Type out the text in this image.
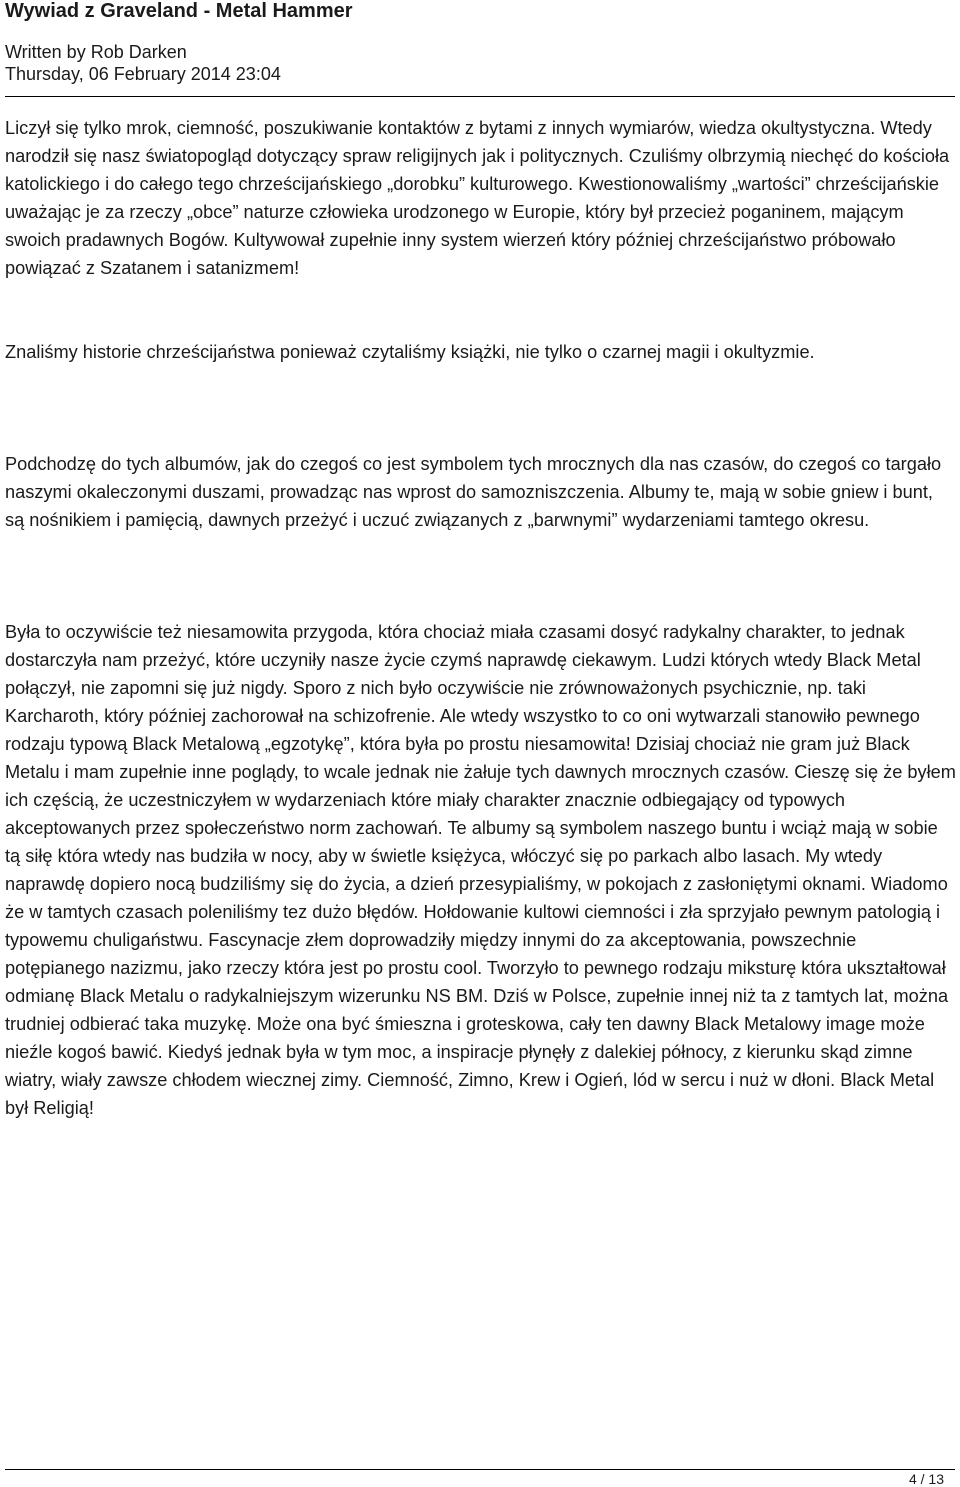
Wywiad z Graveland - Metal Hammer
Written by Rob Darken
Thursday, 06 February 2014 23:04

Liczył się tylko mrok, ciemność, poszukiwanie kontaktów z bytami z innych wymiarów, wiedza okultystyczna. Wtedy narodził się nasz światopogląd dotyczący spraw religijnych jak i politycznych. Czuliśmy olbrzymią niechęć do kościoła katolickiego i do całego tego chrześcijańskiego „dorobku” kulturowego. Kwestionowaliśmy „wartości” chrześcijańskie uważając je za rzeczy „obce” naturze człowieka urodzonego w Europie, który był przecież poganinem, mającym swoich pradawnych Bogów. Kultywował zupełnie inny system wierzeń który później chrześcijaństwo próbowało powiązać z Szatanem i satanizmem!

Znaliśmy historie chrześcijaństwa ponieważ czytaliśmy książki, nie tylko o czarnej magii i okultyzmie.

Podchodzę do tych albumów, jak do czegoś co jest symbolem tych mrocznych dla nas czasów, do czegoś co targało naszymi okaleczonymi duszami, prowadząc nas wprost do samozniszczenia. Albumy te, mają w sobie gniew i bunt, są nośnikiem i pamięcią, dawnych przeżyć i uczuć związanych z „barwnymi” wydarzeniami tamtego okresu.

Była to oczywiście też niesamowita przygoda, która chociaż miała czasami dosyć radykalny charakter, to jednak dostarczyła nam przeżyć, które uczyniły nasze życie czymś naprawdę ciekawym. Ludzi których wtedy Black Metal połączył, nie zapomni się już nigdy. Sporo z nich było oczywiście nie zrównoważonych psychicznie, np. taki Karcharoth, który później zachorował na schizofrenie. Ale wtedy wszystko to co oni wytwarzali stanowiło pewnego rodzaju typową Black Metalową „egzotykę”, która była po prostu niesamowita! Dzisiaj chociaż nie gram już Black Metalu i mam zupełnie inne poglądy, to wcale jednak nie żałuje tych dawnych mrocznych czasów. Cieszę się że byłem ich częścią, że uczestniczyłem w wydarzeniach które miały charakter znacznie odbiegający od typowych akceptowanych przez społeczeństwo norm zachowań. Te albumy są symbolem naszego buntu i wciąż mają w sobie tą siłę która wtedy nas budziła w nocy, aby w świetle księżyca, włóczyć się po parkach albo lasach. My wtedy naprawdę dopiero nocą budziliśmy się do życia, a dzień przesypialiśmy, w pokojach z zasłoniętymi oknami. Wiadomo że w tamtych czasach poleniliśmy tez dużo błędów. Hołdowanie kultowi ciemności i zła sprzyjało pewnym patologią i typowemu chuligaństwu. Fascynacje złem doprowadziły między innymi do za akceptowania, powszechnie potępianego nazizmu, jako rzeczy która jest po prostu cool. Tworzyło to pewnego rodzaju miksturę która ukształtował odmianę Black Metalu o radykalniejszym wizerunku NS BM. Dziś w Polsce, zupełnie innej niż ta z tamtych lat, można trudniej odbierać taka muzykę. Może ona być śmieszna i groteskowa, cały ten dawny Black Metalowy image może nieźle kogoś bawić. Kiedyś jednak była w tym moc, a inspiracje płynęły z dalekiej północy, z kierunku skąd zimne wiatry, wiały zawsze chłodem wiecznej zimy. Ciemność, Zimno, Krew i Ogień, lód w sercu i nuż w dłoni. Black Metal był Religią!

4 / 13
